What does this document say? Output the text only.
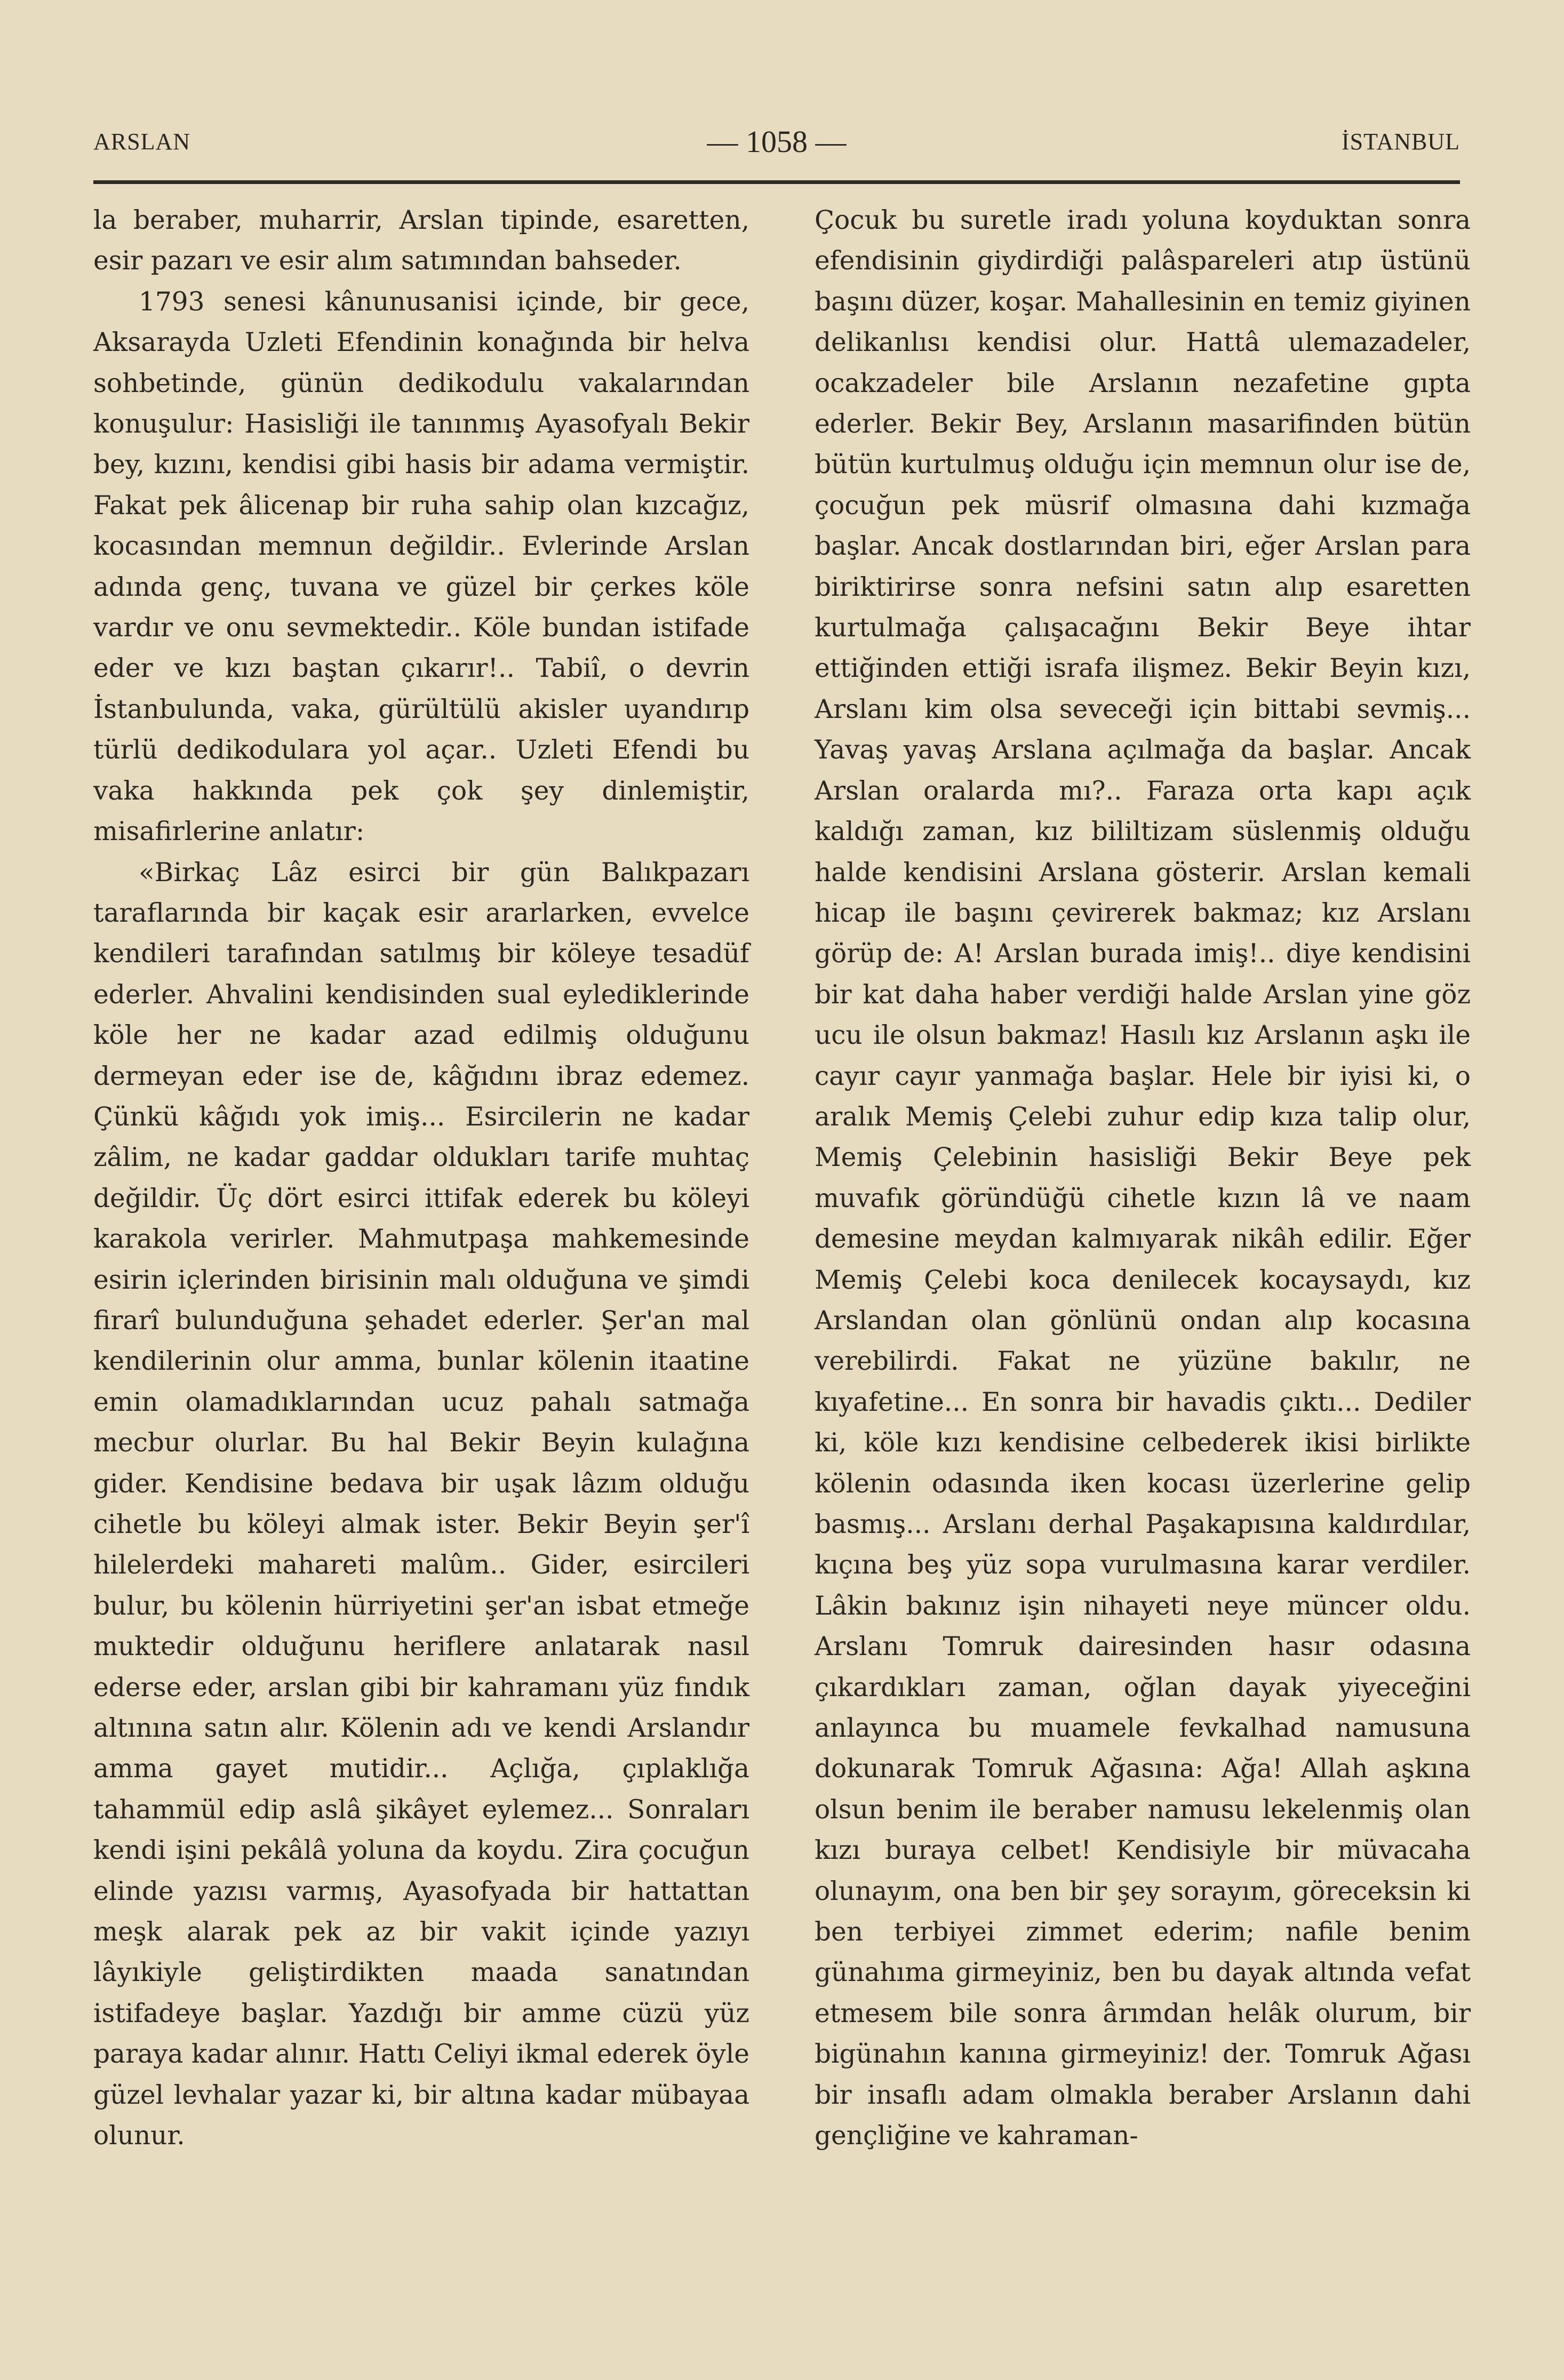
ARSLAN	— 1058 —	İSTANBUL

la beraber, muharrir, Arslan tipinde, esaretten, esir pazarı ve esir alım satımından bahseder.

1793 senesi kânunusanisi içinde, bir gece, Aksarayda Uzleti Efendinin konağında bir helva sohbetinde, günün dedikodulu vakalarından konuşulur: Hasisliği ile tanınmış Ayasofyalı Bekir bey, kızını, kendisi gibi hasis bir adama vermiştir. Fakat pek âlicenap bir ruha sahip olan kızcağız, kocasından memnun değildir.. Evlerinde Arslan adında genç, tuvana ve güzel bir çerkes köle vardır ve onu sevmektedir.. Köle bundan istifade eder ve kızı baştan çıkarır!.. Tabiî, o devrin İstanbulunda, vaka, gürültülü akisler uyandırıp türlü dedikodulara yol açar.. Uzleti Efendi bu vaka hakkında pek çok şey dinlemiştir, misafirlerine anlatır:

«Birkaç Lâz esirci bir gün Balıkpazarı taraflarında bir kaçak esir ararlarken, evvelce kendileri tarafından satılmış bir köleye tesadüf ederler. Ahvalini kendisinden sual eylediklerinde köle her ne kadar azad edilmiş olduğunu dermeyan eder ise de, kâğıdını ibraz edemez. Çünkü kâğıdı yok imiş... Esircilerin ne kadar zâlim, ne kadar gaddar oldukları tarife muhtaç değildir. Üç dört esirci ittifak ederek bu köleyi karakola verirler. Mahmutpaşa mahkemesinde esirin içlerinden birisinin malı olduğuna ve şimdi firarî bulunduğuna şehadet ederler. Şer'an mal kendilerinin olur amma, bunlar kölenin itaatine emin olamadıklarından ucuz pahalı satmağa mecbur olurlar. Bu hal Bekir Beyin kulağına gider. Kendisine bedava bir uşak lâzım olduğu cihetle bu köleyi almak ister. Bekir Beyin şer'î hilelerdeki mahareti malûm.. Gider, esircileri bulur, bu kölenin hürriyetini şer'an isbat etmeğe muktedir olduğunu heriflere anlatarak nasıl ederse eder, arslan gibi bir kahramanı yüz fındık altınına satın alır. Kölenin adı ve kendi Arslandır amma gayet mutidir... Açlığa, çıplaklığa tahammül edip aslâ şikâyet eylemez... Sonraları kendi işini pekâlâ yoluna da koydu. Zira çocuğun elinde yazısı varmış, Ayasofyada bir hattattan meşk alarak pek az bir vakit içinde yazıyı lâyıkiyle geliştirdikten maada sanatından istifadeye başlar. Yazdığı bir amme cüzü yüz paraya kadar alınır. Hattı Celiyi ikmal ederek öyle güzel levhalar yazar ki, bir altına kadar mübayaa olunur.

Çocuk bu suretle iradı yoluna koyduktan sonra efendisinin giydirdiği palâspareleri atıp üstünü başını düzer, koşar. Mahallesinin en temiz giyinen delikanlısı kendisi olur. Hattâ ulemazadeler, ocakzadeler bile Arslanın nezafetine gıpta ederler. Bekir Bey, Arslanın masarifinden bütün bütün kurtulmuş olduğu için memnun olur ise de, çocuğun pek müsrif olmasına dahi kızmağa başlar. Ancak dostlarından biri, eğer Arslan para biriktirirse sonra nefsini satın alıp esaretten kurtulmağa çalışacağını Bekir Beye ihtar ettiğinden ettiği israfa ilişmez. Bekir Beyin kızı, Arslanı kim olsa seveceği için bittabi sevmiş... Yavaş yavaş Arslana açılmağa da başlar. Ancak Arslan oralarda mı?.. Faraza orta kapı açık kaldığı zaman, kız bililtizam süslenmiş olduğu halde kendisini Arslana gösterir. Arslan kemali hicap ile başını çevirerek bakmaz; kız Arslanı görüp de: A! Arslan burada imiş!.. diye kendisini bir kat daha haber verdiği halde Arslan yine göz ucu ile olsun bakmaz! Hasılı kız Arslanın aşkı ile cayır cayır yanmağa başlar. Hele bir iyisi ki, o aralık Memiş Çelebi zuhur edip kıza talip olur, Memiş Çelebinin hasisliği Bekir Beye pek muvafık göründüğü cihetle kızın lâ ve naam demesine meydan kalmıyarak nikâh edilir. Eğer Memiş Çelebi koca denilecek kocaysaydı, kız Arslandan olan gönlünü ondan alıp kocasına verebilirdi. Fakat ne yüzüne bakılır, ne kıyafetine... En sonra bir havadis çıktı... Dediler ki, köle kızı kendisine celbederek ikisi birlikte kölenin odasında iken kocası üzerlerine gelip basmış... Arslanı derhal Paşakapısına kaldırdılar, kıçına beş yüz sopa vurulmasına karar verdiler. Lâkin bakınız işin nihayeti neye müncer oldu. Arslanı Tomruk dairesinden hasır odasına çıkardıkları zaman, oğlan dayak yiyeceğini anlayınca bu muamele fevkalhad namusuna dokunarak Tomruk Ağasına: Ağa! Allah aşkına olsun benim ile beraber namusu lekelenmiş olan kızı buraya celbet! Kendisiyle bir müvacaha olunayım, ona ben bir şey sorayım, göreceksin ki ben terbiyei zimmet ederim; nafile benim günahıma girmeyiniz, ben bu dayak altında vefat etmesem bile sonra ârımdan helâk olurum, bir bigünahın kanına girmeyiniz! der. Tomruk Ağası bir insaflı adam olmakla beraber Arslanın dahi gençliğine ve kahraman-
